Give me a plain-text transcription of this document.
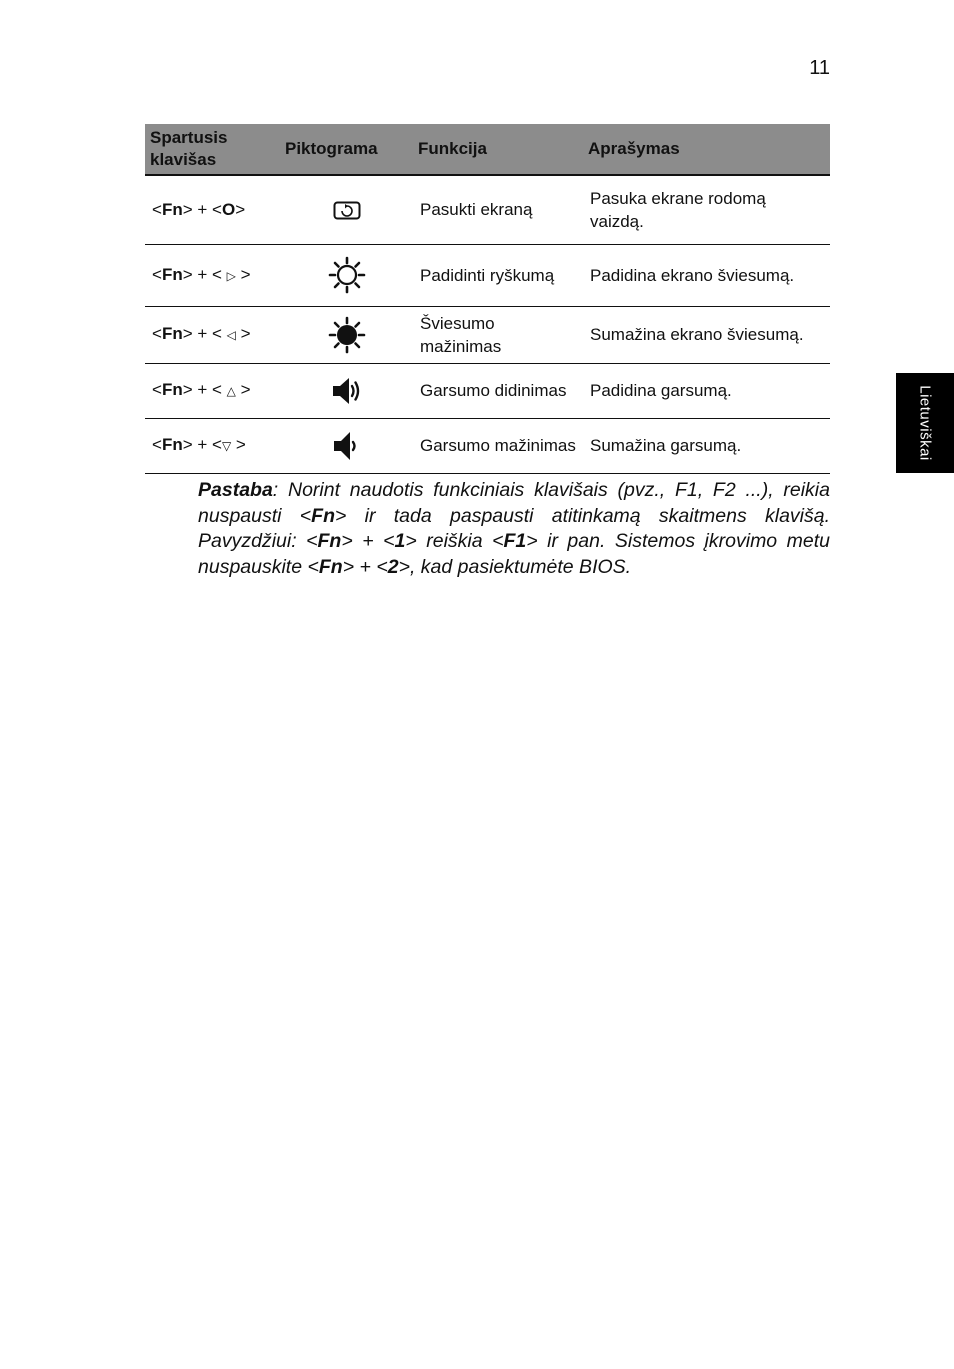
11
Lietuviškai
Spartusis klavišas	Piktograma	Funkcija	Aprašymas
<Fn> + <O>		Pasukti ekraną	Pasuka ekrane rodomą vaizdą.
<Fn> + < ▷ >		Padidinti ryškumą	Padidina ekrano šviesumą.
<Fn> + < ◁ >		Šviesumo mažinimas	Sumažina ekrano šviesumą.
<Fn> + < △ >		Garsumo didinimas	Padidina garsumą.
<Fn> + <▽ >		Garsumo mažinimas	Sumažina garsumą.

Pastaba: Norint naudotis funkciniais klavišais (pvz., F1, F2 ...), reikia nuspausti <Fn> ir tada paspausti atitinkamą skaitmens klavišą. Pavyzdžiui: <Fn> + <1> reiškia <F1> ir pan. Sistemos įkrovimo metu nuspauskite <Fn> + <2>, kad pasiektumėte BIOS.
